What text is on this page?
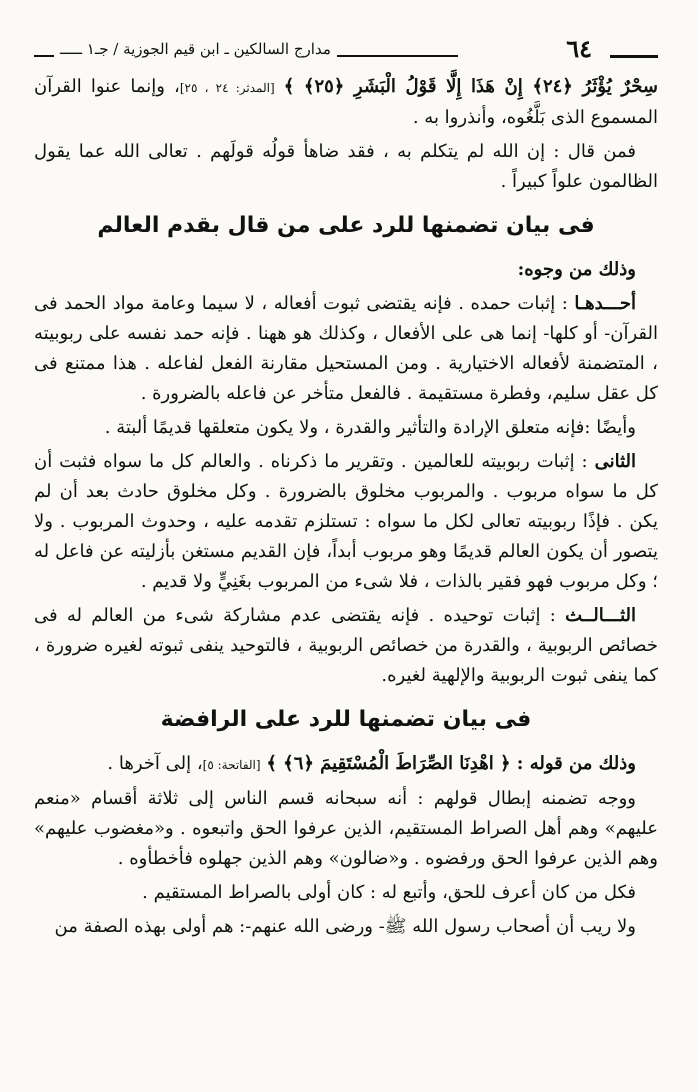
مدارج السالكين ـ ابن قيم الجوزية / جـ١ ـــــ	٦٤

سِحْرٌ يُؤْثَرُ ﴿٢٤﴾ إِنْ هَذَا إِلَّا قَوْلُ الْبَشَرِ ﴿٢٥﴾ ﴾ [المدثر: ٢٤ ، ٢٥]، وإنما عنوا القرآن المسموع الذى بَلَّغُوه، وأنذروا به .

فمن قال : إن الله لم يتكلم به ، فقد ضاهأ قولُه قولَهم . تعالى الله عما يقول الظالمون علواً كبيراً .

فى بيان تضمنها للرد على من قال بقدم العالم

وذلك من وجوه:

أحـــدهـا : إثبات حمده . فإنه يقتضى ثبوت أفعاله ، لا سيما وعامة مواد الحمد فى القرآن- أو كلها- إنما هى على الأفعال ، وكذلك هو ههنا . فإنه حمد نفسه على ربوبيته ، المتضمنة لأفعاله الاختيارية . ومن المستحيل مقارنة الفعل لفاعله . هذا ممتنع فى كل عقل سليم، وفطرة مستقيمة . فالفعل متأخر عن فاعله بالضرورة .

وأيضًا :فإنه متعلق الإرادة والتأثير والقدرة ، ولا يكون متعلقها قديمًا ألبتة .

الثانى : إثبات ربوبيته للعالمين . وتقرير ما ذكرناه . والعالم كل ما سواه فثبت أن كل ما سواه مربوب . والمربوب مخلوق بالضرورة . وكل مخلوق حادث بعد أن لم يكن . فإذًا ربوبيته تعالى لكل ما سواه : تستلزم تقدمه عليه ، وحدوث المربوب . ولا يتصور أن يكون العالم قديمًا وهو مربوب أبداً، فإن القديم مستغن بأزليته عن فاعل له ؛ وكل مربوب فهو فقير بالذات ، فلا شىء من المربوب بغَنِيٍّ ولا قديم .

الثـــالــث : إثبات توحيده . فإنه يقتضى عدم مشاركة شىء من العالم له فى خصائص الربوبية ، والقدرة من خصائص الربوبية ، فالتوحيد ينفى ثبوته لغيره ضرورة ، كما ينفى ثبوت الربوبية والإلهية لغيره.

فى بيان تضمنها للرد على الرافضة

وذلك من قوله : ﴿ اهْدِنَا الصِّرَاطَ الْمُسْتَقِيمَ ﴿٦﴾ ﴾ [الفاتحة: ٥]، إلى آخرها .

ووجه تضمنه إبطال قولهم : أنه سبحانه قسم الناس إلى ثلاثة أقسام «منعم عليهم» وهم أهل الصراط المستقيم، الذين عرفوا الحق واتبعوه . و«مغضوب عليهم» وهم الذين عرفوا الحق ورفضوه . و«ضالون» وهم الذين جهلوه فأخطأوه .

فكل من كان أعرف للحق، وأتبع له : كان أولى بالصراط المستقيم .

ولا ريب أن أصحاب رسول الله ﷺ- ورضى الله عنهم-: هم أولى بهذه الصفة من
